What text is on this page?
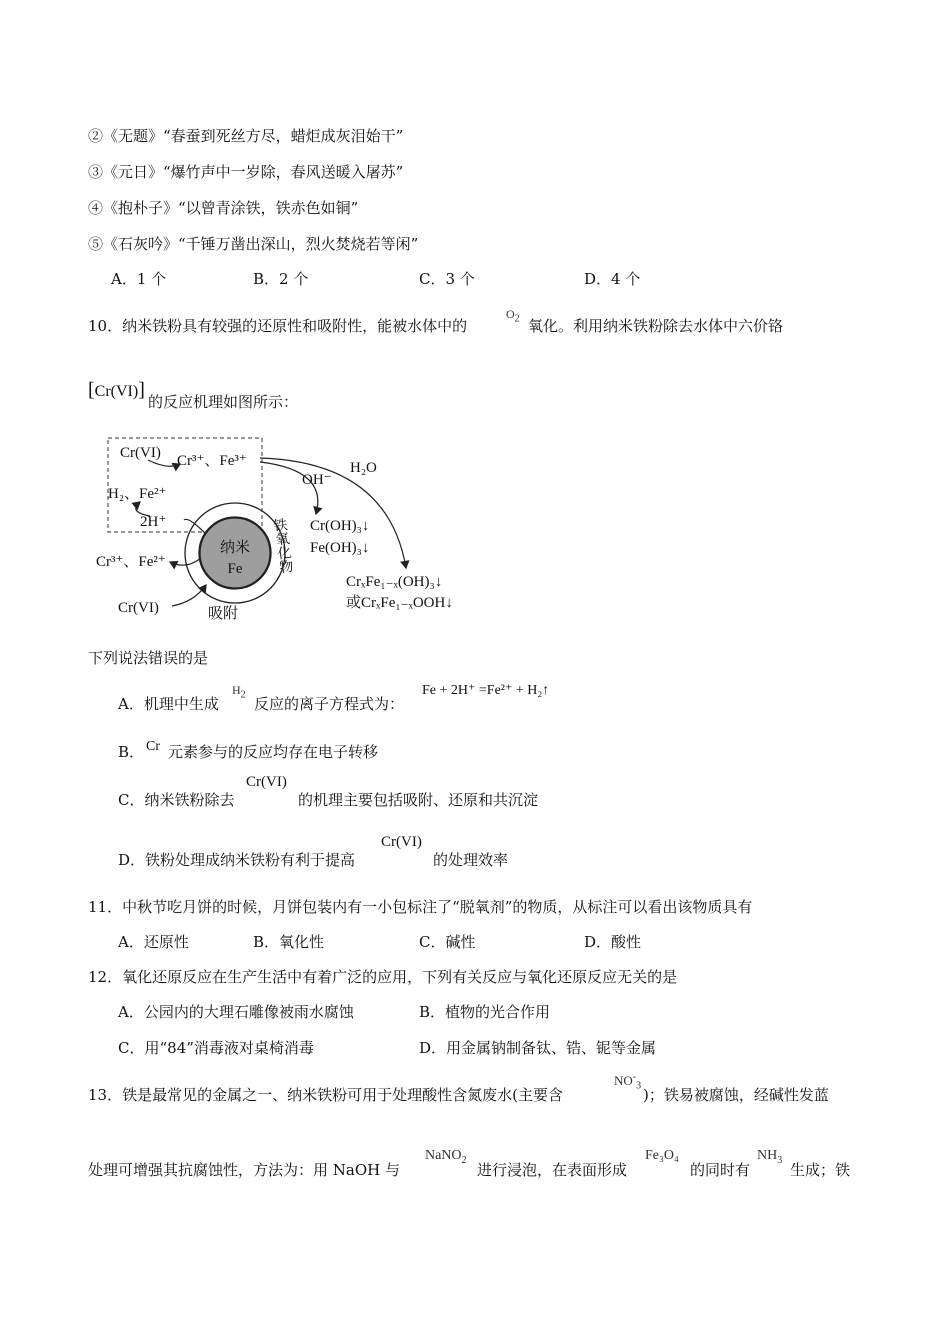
②《无题》“春蚕到死丝方尽，蜡炬成灰泪始干”
③《元日》“爆竹声中一岁除，春风送暖入屠苏”
④《抱朴子》“以曾青涂铁，铁赤色如铜”
⑤《石灰吟》“千锤万凿出深山，烈火焚烧若等闲”
A．1 个	B．2 个	C．3 个	D．4 个
10．纳米铁粉具有较强的还原性和吸附性，能被水体中的
$O_2$ 氧化。利用纳米铁粉除去水体中六价铬
[Cr(VI)]
的反应机理如图所示：
纳米
Fe 铁氧化物
Cr(VI) Cr³⁺、Fe³⁺
H₂、Fe²⁺
2H⁺
Cr³⁺、Fe²⁺
Cr(VI)	吸附
OH⁻
H₂O
Cr(OH)₃↓
Fe(OH)₃↓
CrₓFe₁₋ₓ(OH)₃↓
或CrₓFe₁₋ₓOOH↓
下列说法错误的是
A．机理中生成
$H_2$
反应的离子方程式为：
Fe + 2H⁺ =Fe²⁺ + H₂↑
B． Cr 元素参与的反应均存在电子转移
C．纳米铁粉除去
Cr(VI)
的机理主要包括吸附、还原和共沉淀
D．铁粉处理成纳米铁粉有利于提高
Cr(VI)
的处理效率
11．中秋节吃月饼的时候，月饼包装内有一小包标注了“脱氧剂”的物质，从标注可以看出该物质具有
A．还原性	B．氧化性	C．碱性	D．酸性
12．氧化还原反应在生产生活中有着广泛的应用，下列有关反应与氧化还原反应无关的是
A．公园内的大理石雕像被雨水腐蚀	B．植物的光合作用
C．用“84”消毒液对桌椅消毒	D．用金属钠制备钛、锆、铌等金属
13．铁是最常见的金属之一、纳米铁粉可用于处理酸性含氮废水(主要含
$NO^-_3$ )；铁易被腐蚀，经碱性发蓝
处理可增强其抗腐蚀性，方法为：用 NaOH 与
NaNO$_2$
进行浸泡，在表面形成
Fe₃O₄
的同时有
$NH_3$
生成；铁
